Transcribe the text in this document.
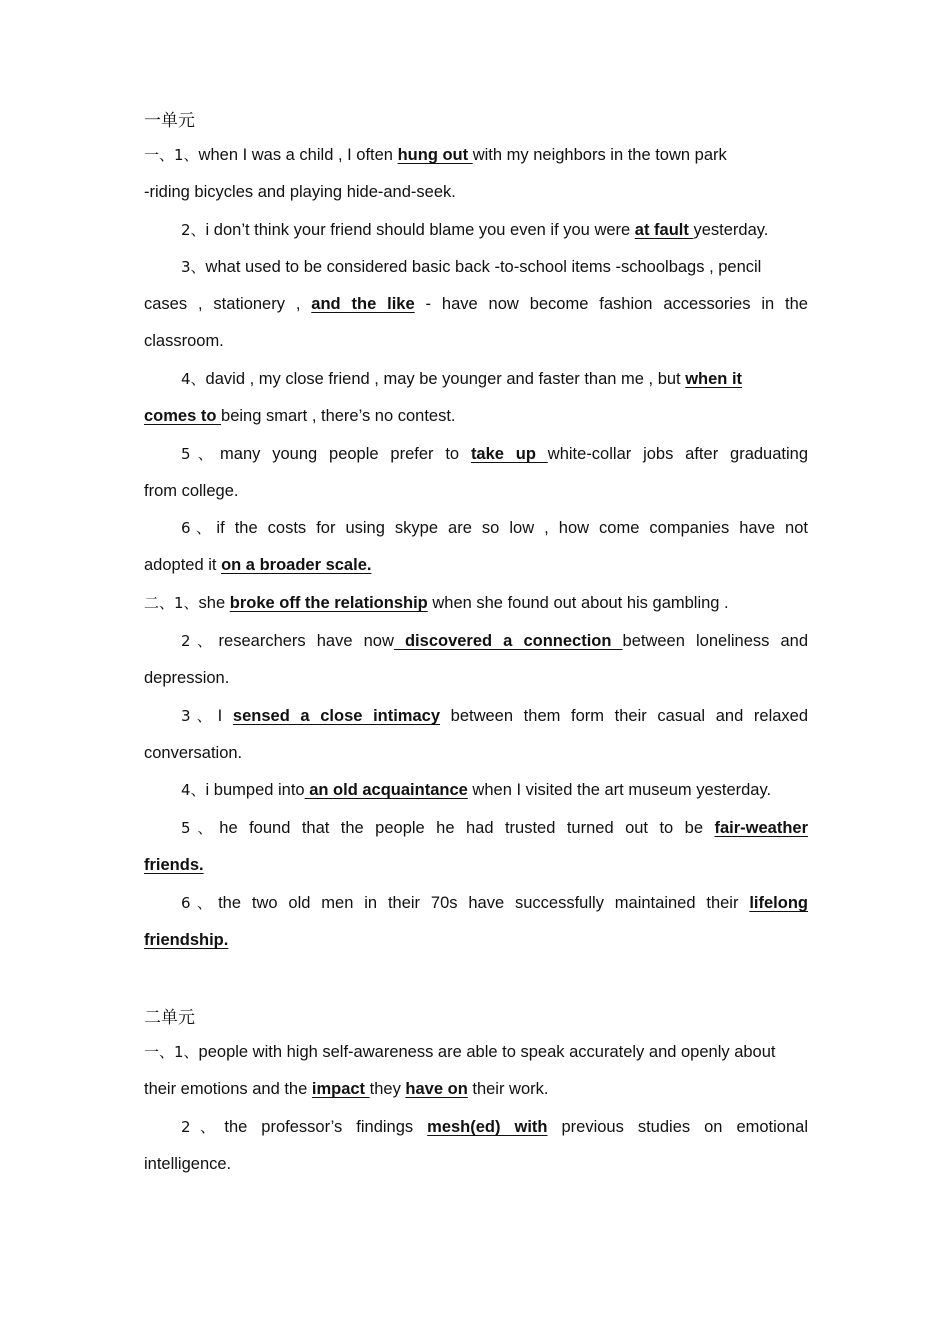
一单元
一、1、when I was a child , I often hung out with my neighbors in the town park
-riding bicycles and playing hide-and-seek.
2、i don’t think your friend should blame you even if you were at fault yesterday.
3、what used to be considered basic back -to-school items -schoolbags , pencil
cases , stationery , and the like - have now become fashion accessories in the
classroom.
4、david , my close friend , may be younger and faster than me , but when it
comes to being smart , there’s no contest.
5、many young people prefer to take up white-collar jobs after graduating
from college.
6、if the costs for using skype are so low , how come companies have not
adopted it on a broader scale.
二、1、she broke off the relationship when she found out about his gambling .
2、researchers have now discovered a connection between loneliness and
depression.
3、I sensed a close intimacy between them form their casual and relaxed
conversation.
4、i bumped into an old acquaintance when I visited the art museum yesterday.
5、he found that the people he had trusted turned out to be fair-weather
friends.
6、the two old men in their 70s have successfully maintained their lifelong
friendship.
二单元
一、1、people with high self-awareness are able to speak accurately and openly about
their emotions and the impact they have on their work.
2、the professor’s findings mesh(ed) with previous studies on emotional
intelligence.
